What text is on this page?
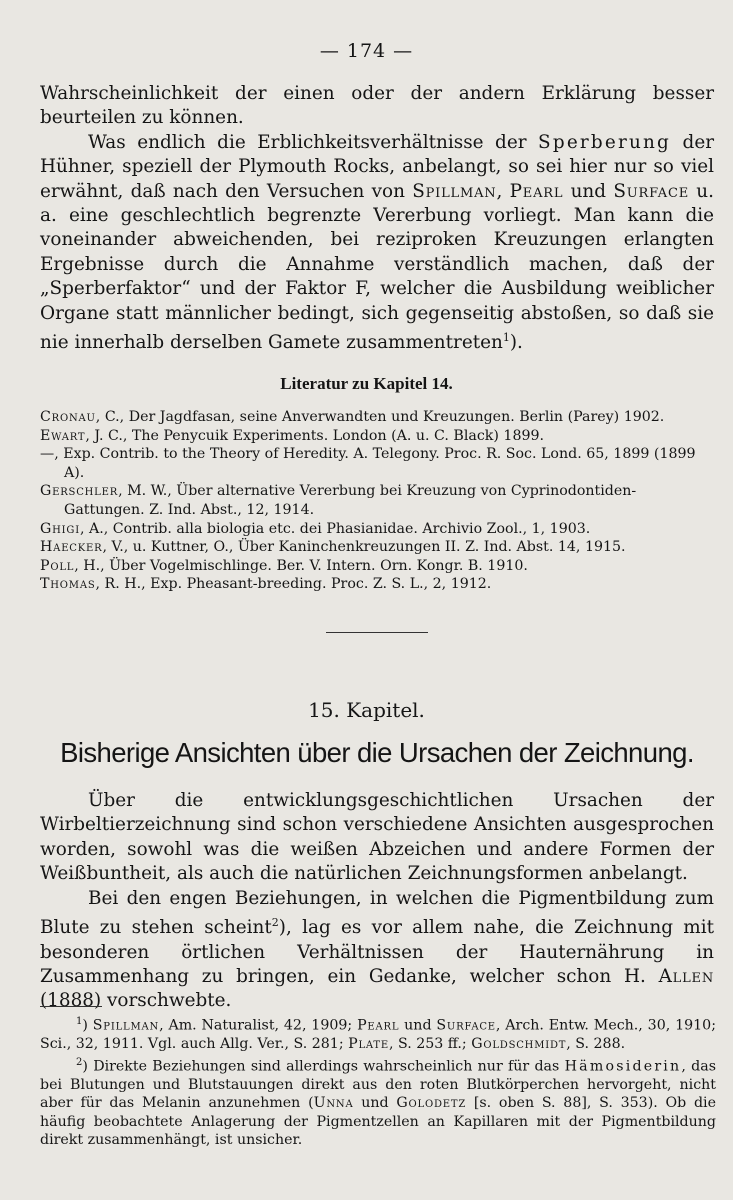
— 174 —

Wahrscheinlichkeit der einen oder der andern Erklärung besser beurteilen zu können.

Was endlich die Erblichkeitsverhältnisse der Sperberung der Hühner, speziell der Plymouth Rocks, anbelangt, so sei hier nur so viel erwähnt, daß nach den Versuchen von Spillman, Pearl und Surface u. a. eine geschlechtlich begrenzte Vererbung vorliegt. Man kann die voneinander abweichenden, bei reziproken Kreuzungen erlangten Ergebnisse durch die Annahme verständlich machen, daß der „Sperberfaktor“ und der Faktor F, welcher die Ausbildung weiblicher Organe statt männlicher bedingt, sich gegenseitig abstoßen, so daß sie nie innerhalb derselben Gamete zusammentreten$^1$).

Literatur zu Kapitel 14.
Cronau, C., Der Jagdfasan, seine Anverwandten und Kreuzungen. Berlin (Parey) 1902.
Ewart, J. C., The Penycuik Experiments. London (A. u. C. Black) 1899.
—, Exp. Contrib. to the Theory of Heredity. A. Telegony. Proc. R. Soc. Lond. 65, 1899 (1899 A).
Gerschler, M. W., Über alternative Vererbung bei Kreuzung von Cyprinodontiden-Gattungen. Z. Ind. Abst., 12, 1914.
Ghigi, A., Contrib. alla biologia etc. dei Phasianidae. Archivio Zool., 1, 1903.
Haecker, V., u. Kuttner, O., Über Kaninchenkreuzungen II. Z. Ind. Abst. 14, 1915.
Poll, H., Über Vogelmischlinge. Ber. V. Intern. Orn. Kongr. B. 1910.
Thomas, R. H., Exp. Pheasant-breeding. Proc. Z. S. L., 2, 1912.
15. Kapitel.
Bisherige Ansichten über die Ursachen der Zeichnung.

Über die entwicklungsgeschichtlichen Ursachen der Wirbeltierzeichnung sind schon verschiedene Ansichten ausgesprochen worden, sowohl was die weißen Abzeichen und andere Formen der Weißbuntheit, als auch die natürlichen Zeichnungsformen anbelangt.

Bei den engen Beziehungen, in welchen die Pigmentbildung zum Blute zu stehen scheint$^2$), lag es vor allem nahe, die Zeichnung mit besonderen örtlichen Verhältnissen der Hauternährung in Zusammenhang zu bringen, ein Gedanke, welcher schon H. Allen (1888) vorschwebte.

$^1$) Spillman, Am. Naturalist, 42, 1909; Pearl und Surface, Arch. Entw. Mech., 30, 1910; Sci., 32, 1911. Vgl. auch Allg. Ver., S. 281; Plate, S. 253 ff.; Goldschmidt, S. 288.

$^2$) Direkte Beziehungen sind allerdings wahrscheinlich nur für das Hämosiderin, das bei Blutungen und Blutstauungen direkt aus den roten Blutkörperchen hervorgeht, nicht aber für das Melanin anzunehmen (Unna und Golodetz [s. oben S. 88], S. 353). Ob die häufig beobachtete Anlagerung der Pigmentzellen an Kapillaren mit der Pigmentbildung direkt zusammenhängt, ist unsicher.
